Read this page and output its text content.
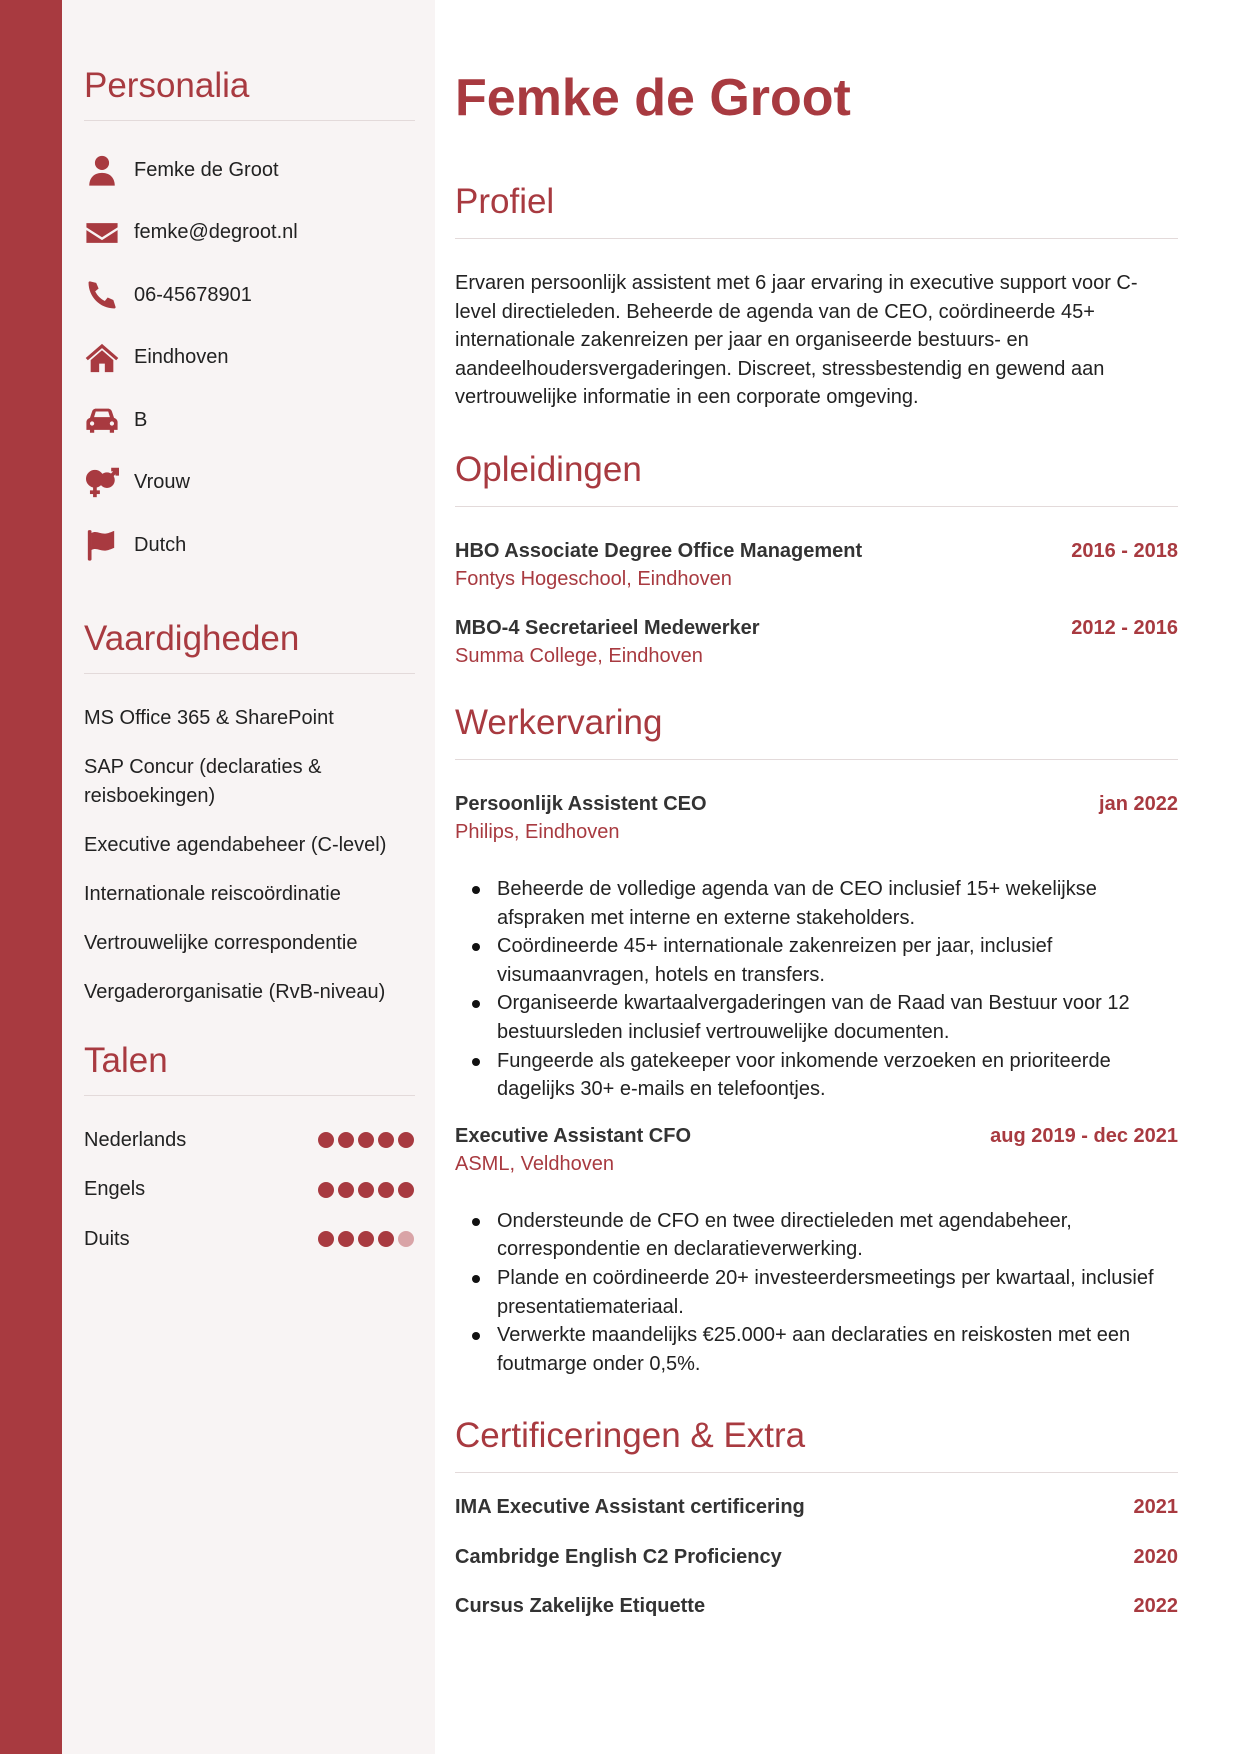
Personalia
Femke de Groot
femke@degroot.nl
06-45678901
Eindhoven
B
Vrouw
Dutch
Vaardigheden
MS Office 365 & SharePoint
SAP Concur (declaraties & reisboekingen)
Executive agendabeheer (C-level)
Internationale reiscoördinatie
Vertrouwelijke correspondentie
Vergaderorganisatie (RvB-niveau)
Talen
Nederlands
Engels
Duits
Femke de Groot
Profiel

Ervaren persoonlijk assistent met 6 jaar ervaring in executive support voor C-level directieleden. Beheerde de agenda van de CEO, coördineerde 45+ internationale zakenreizen per jaar en organiseerde bestuurs- en aandeelhoudersvergaderingen. Discreet, stressbestendig en gewend aan vertrouwelijke informatie in een corporate omgeving.

Opleidingen
HBO Associate Degree Office Management	2016 - 2018
Fontys Hogeschool, Eindhoven
MBO-4 Secretarieel Medewerker	2012 - 2016
Summa College, Eindhoven
Werkervaring
Persoonlijk Assistent CEO	jan 2022
Philips, Eindhoven
Beheerde de volledige agenda van de CEO inclusief 15+ wekelijkse afspraken met interne en externe stakeholders.
Coördineerde 45+ internationale zakenreizen per jaar, inclusief visumaanvragen, hotels en transfers.
Organiseerde kwartaalvergaderingen van de Raad van Bestuur voor 12 bestuursleden inclusief vertrouwelijke documenten.
Fungeerde als gatekeeper voor inkomende verzoeken en prioriteerde dagelijks 30+ e-mails en telefoontjes.
Executive Assistant CFO	aug 2019 - dec 2021
ASML, Veldhoven
Ondersteunde de CFO en twee directieleden met agendabeheer, correspondentie en declaratieverwerking.
Plande en coördineerde 20+ investeerdersmeetings per kwartaal, inclusief presentatiemateriaal.
Verwerkte maandelijks €25.000+ aan declaraties en reiskosten met een foutmarge onder 0,5%.
Certificeringen & Extra
IMA Executive Assistant certificering	2021
Cambridge English C2 Proficiency	2020
Cursus Zakelijke Etiquette	2022
